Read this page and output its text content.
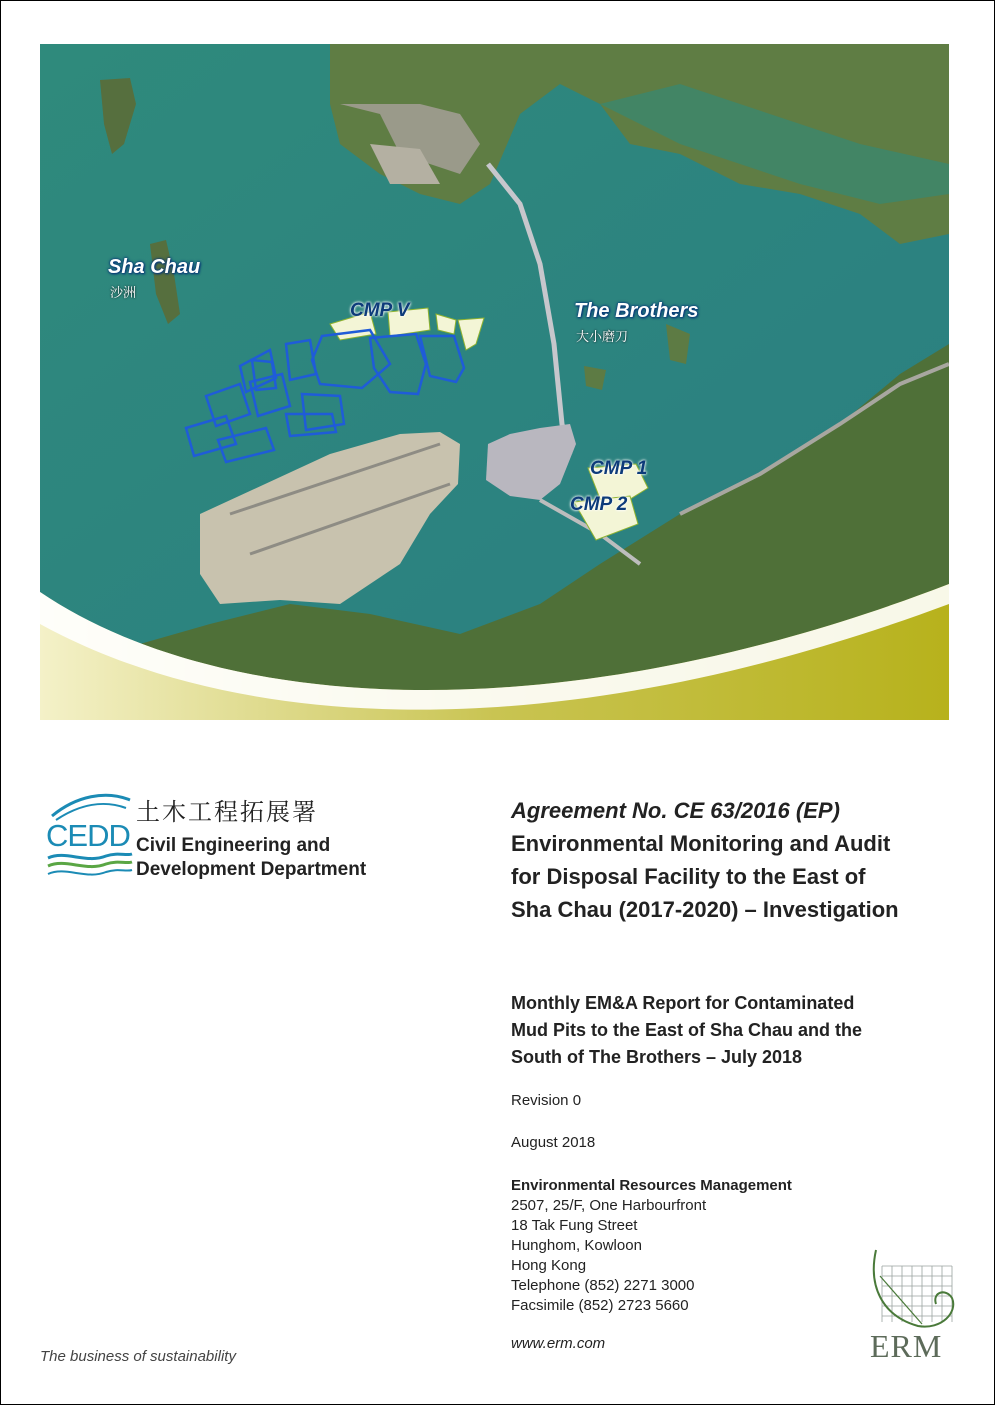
Sha Chau
沙洲
CMP V	The Brothers
大小磨刀
CMP 1
CMP 2
CEDD
土木工程拓展署
Civil Engineering and
Development Department
Agreement No. CE 63/2016 (EP)
Environmental Monitoring and Audit
for Disposal Facility to the East of
Sha Chau (2017-2020) – Investigation
Monthly EM&A Report for Contaminated
Mud Pits to the East of Sha Chau and the
South of The Brothers – July 2018
Revision 0
August 2018
Environmental Resources Management
2507, 25/F, One Harbourfront
18 Tak Fung Street
Hunghom, Kowloon
Hong Kong
Telephone (852) 2271 3000
Facsimile (852) 2723 5660
www.erm.com
The business of sustainability	ERM
